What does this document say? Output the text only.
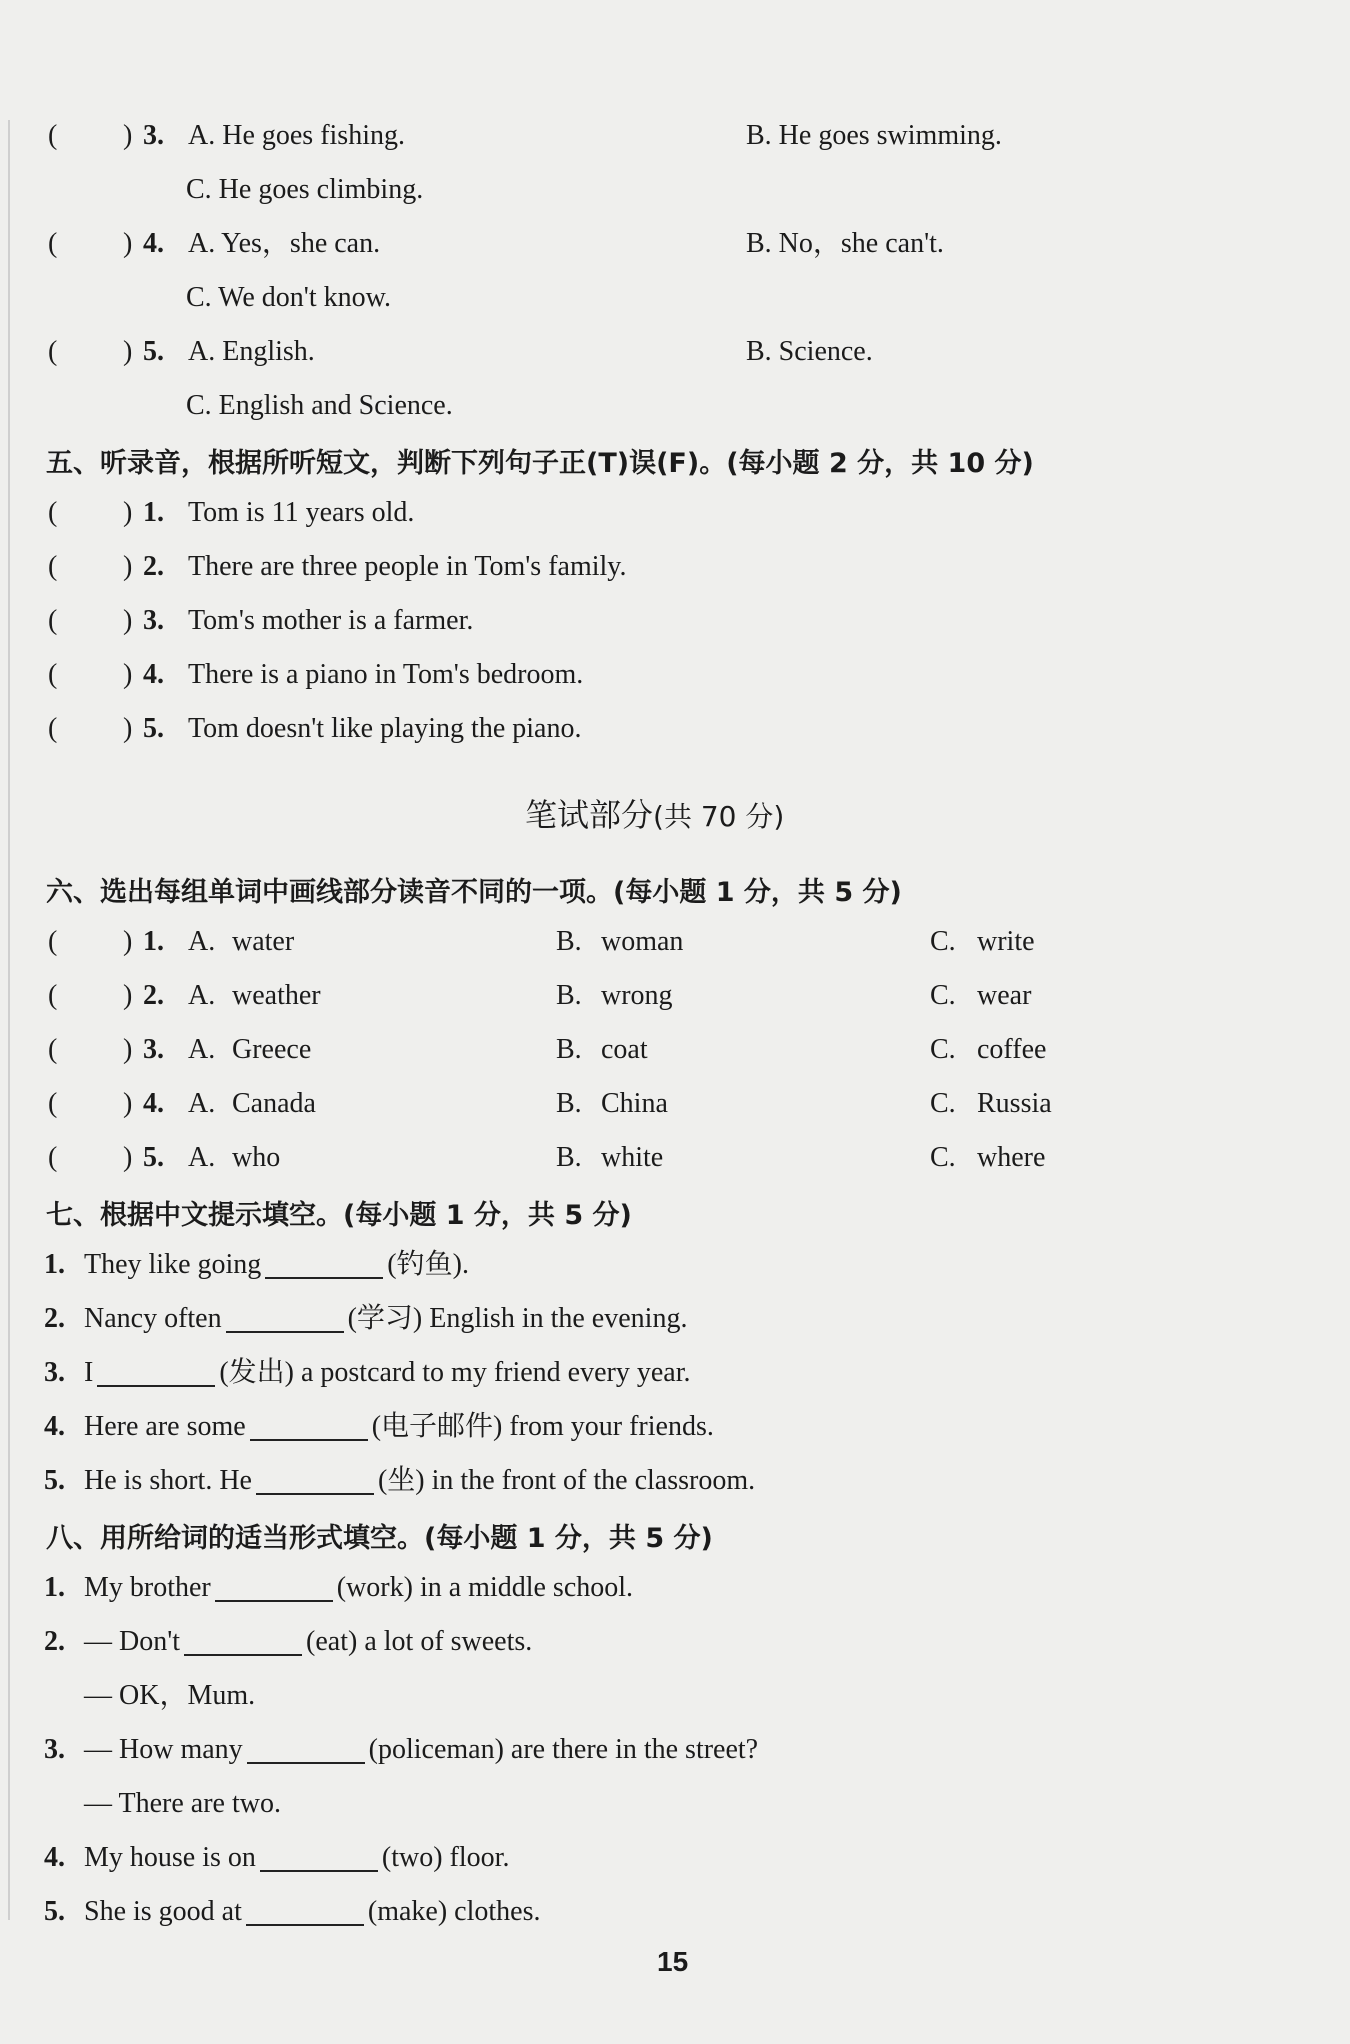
( ) 3. A. He goes fishing.	B. He goes swimming.
C. He goes climbing.
( ) 4. A. Yes，she can.	B. No，she can't.
C. We don't know.
( ) 5. A. English.	B. Science.
C. English and Science.
五、听录音，根据所听短文，判断下列句子正(T)误(F)。(每小题 2 分，共 10 分)
( ) 1. Tom is 11 years old.
( ) 2. There are three people in Tom's family.
( ) 3. Tom's mother is a farmer.
( ) 4. There is a piano in Tom's bedroom.
( ) 5. Tom doesn't like playing the piano.
笔试部分(共 70 分)
六、选出每组单词中画线部分读音不同的一项。(每小题 1 分，共 5 分)
( ) 1. A. water	B. woman	C. write
( ) 2. A. weather	B. wrong	C. wear
( ) 3. A. Greece	B. coat	C. coffee
( ) 4. A. Canada	B. China	C. Russia
( ) 5. A. who	B. white	C. where
七、根据中文提示填空。(每小题 1 分，共 5 分)
1. They like going	(钓鱼).
2. Nancy often	(学习) English in the evening.
3. I	(发出) a postcard to my friend every year.
4. Here are some	(电子邮件) from your friends.
5. He is short. He	(坐) in the front of the classroom.
八、用所给词的适当形式填空。(每小题 1 分，共 5 分)
1. My brother	(work) in a middle school.
2. — Don't	(eat) a lot of sweets.
— OK，Mum.
3. — How many	(policeman) are there in the street?
— There are two.
4. My house is on	(two) floor.
5. She is good at	(make) clothes.
15
